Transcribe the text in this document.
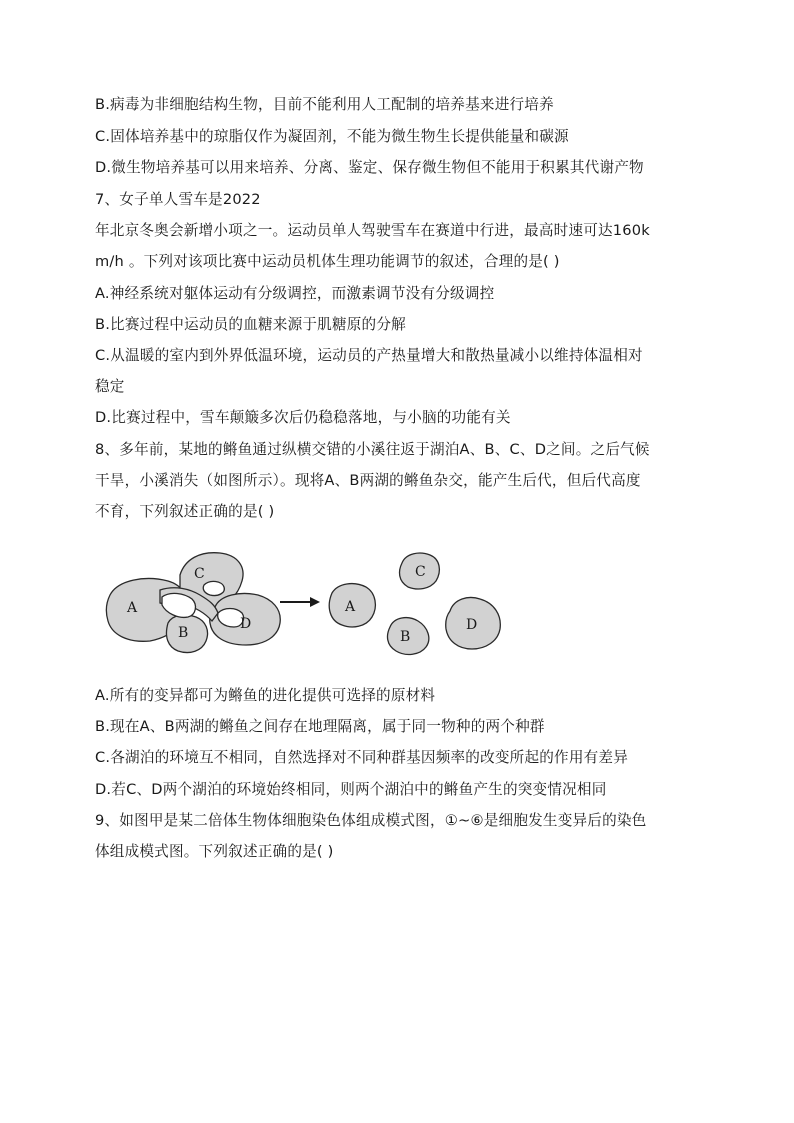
B.病毒为非细胞结构生物，目前不能利用人工配制的培养基来进行培养
C.固体培养基中的琼脂仅作为凝固剂，不能为微生物生长提供能量和碳源
D.微生物培养基可以用来培养、分离、鉴定、保存微生物但不能用于积累其代谢产物
7、女子单人雪车是2022
年北京冬奥会新增小项之一。运动员单人驾驶雪车在赛道中行进，最高时速可达160k
m/h 。下列对该项比赛中运动员机体生理功能调节的叙述，合理的是( )
A.神经系统对躯体运动有分级调控，而激素调节没有分级调控
B.比赛过程中运动员的血糖来源于肌糖原的分解
C.从温暖的室内到外界低温环境，运动员的产热量增大和散热量减小以维持体温相对
稳定
D.比赛过程中，雪车颠簸多次后仍稳稳落地，与小脑的功能有关
8、多年前，某地的鳉鱼通过纵横交错的小溪往返于湖泊A、B、C、D之间。之后气候
干旱，小溪消失（如图所示）。现将A、B两湖的鳉鱼杂交，能产生后代，但后代高度
不育，下列叙述正确的是( )
A
C
B
D
A
C
B
D
A.所有的变异都可为鳉鱼的进化提供可选择的原材料
B.现在A、B两湖的鳉鱼之间存在地理隔离，属于同一物种的两个种群
C.各湖泊的环境互不相同，自然选择对不同种群基因频率的改变所起的作用有差异
D.若C、D两个湖泊的环境始终相同，则两个湖泊中的鳉鱼产生的突变情况相同
9、如图甲是某二倍体生物体细胞染色体组成模式图，①~⑥是细胞发生变异后的染色
体组成模式图。下列叙述正确的是( )
